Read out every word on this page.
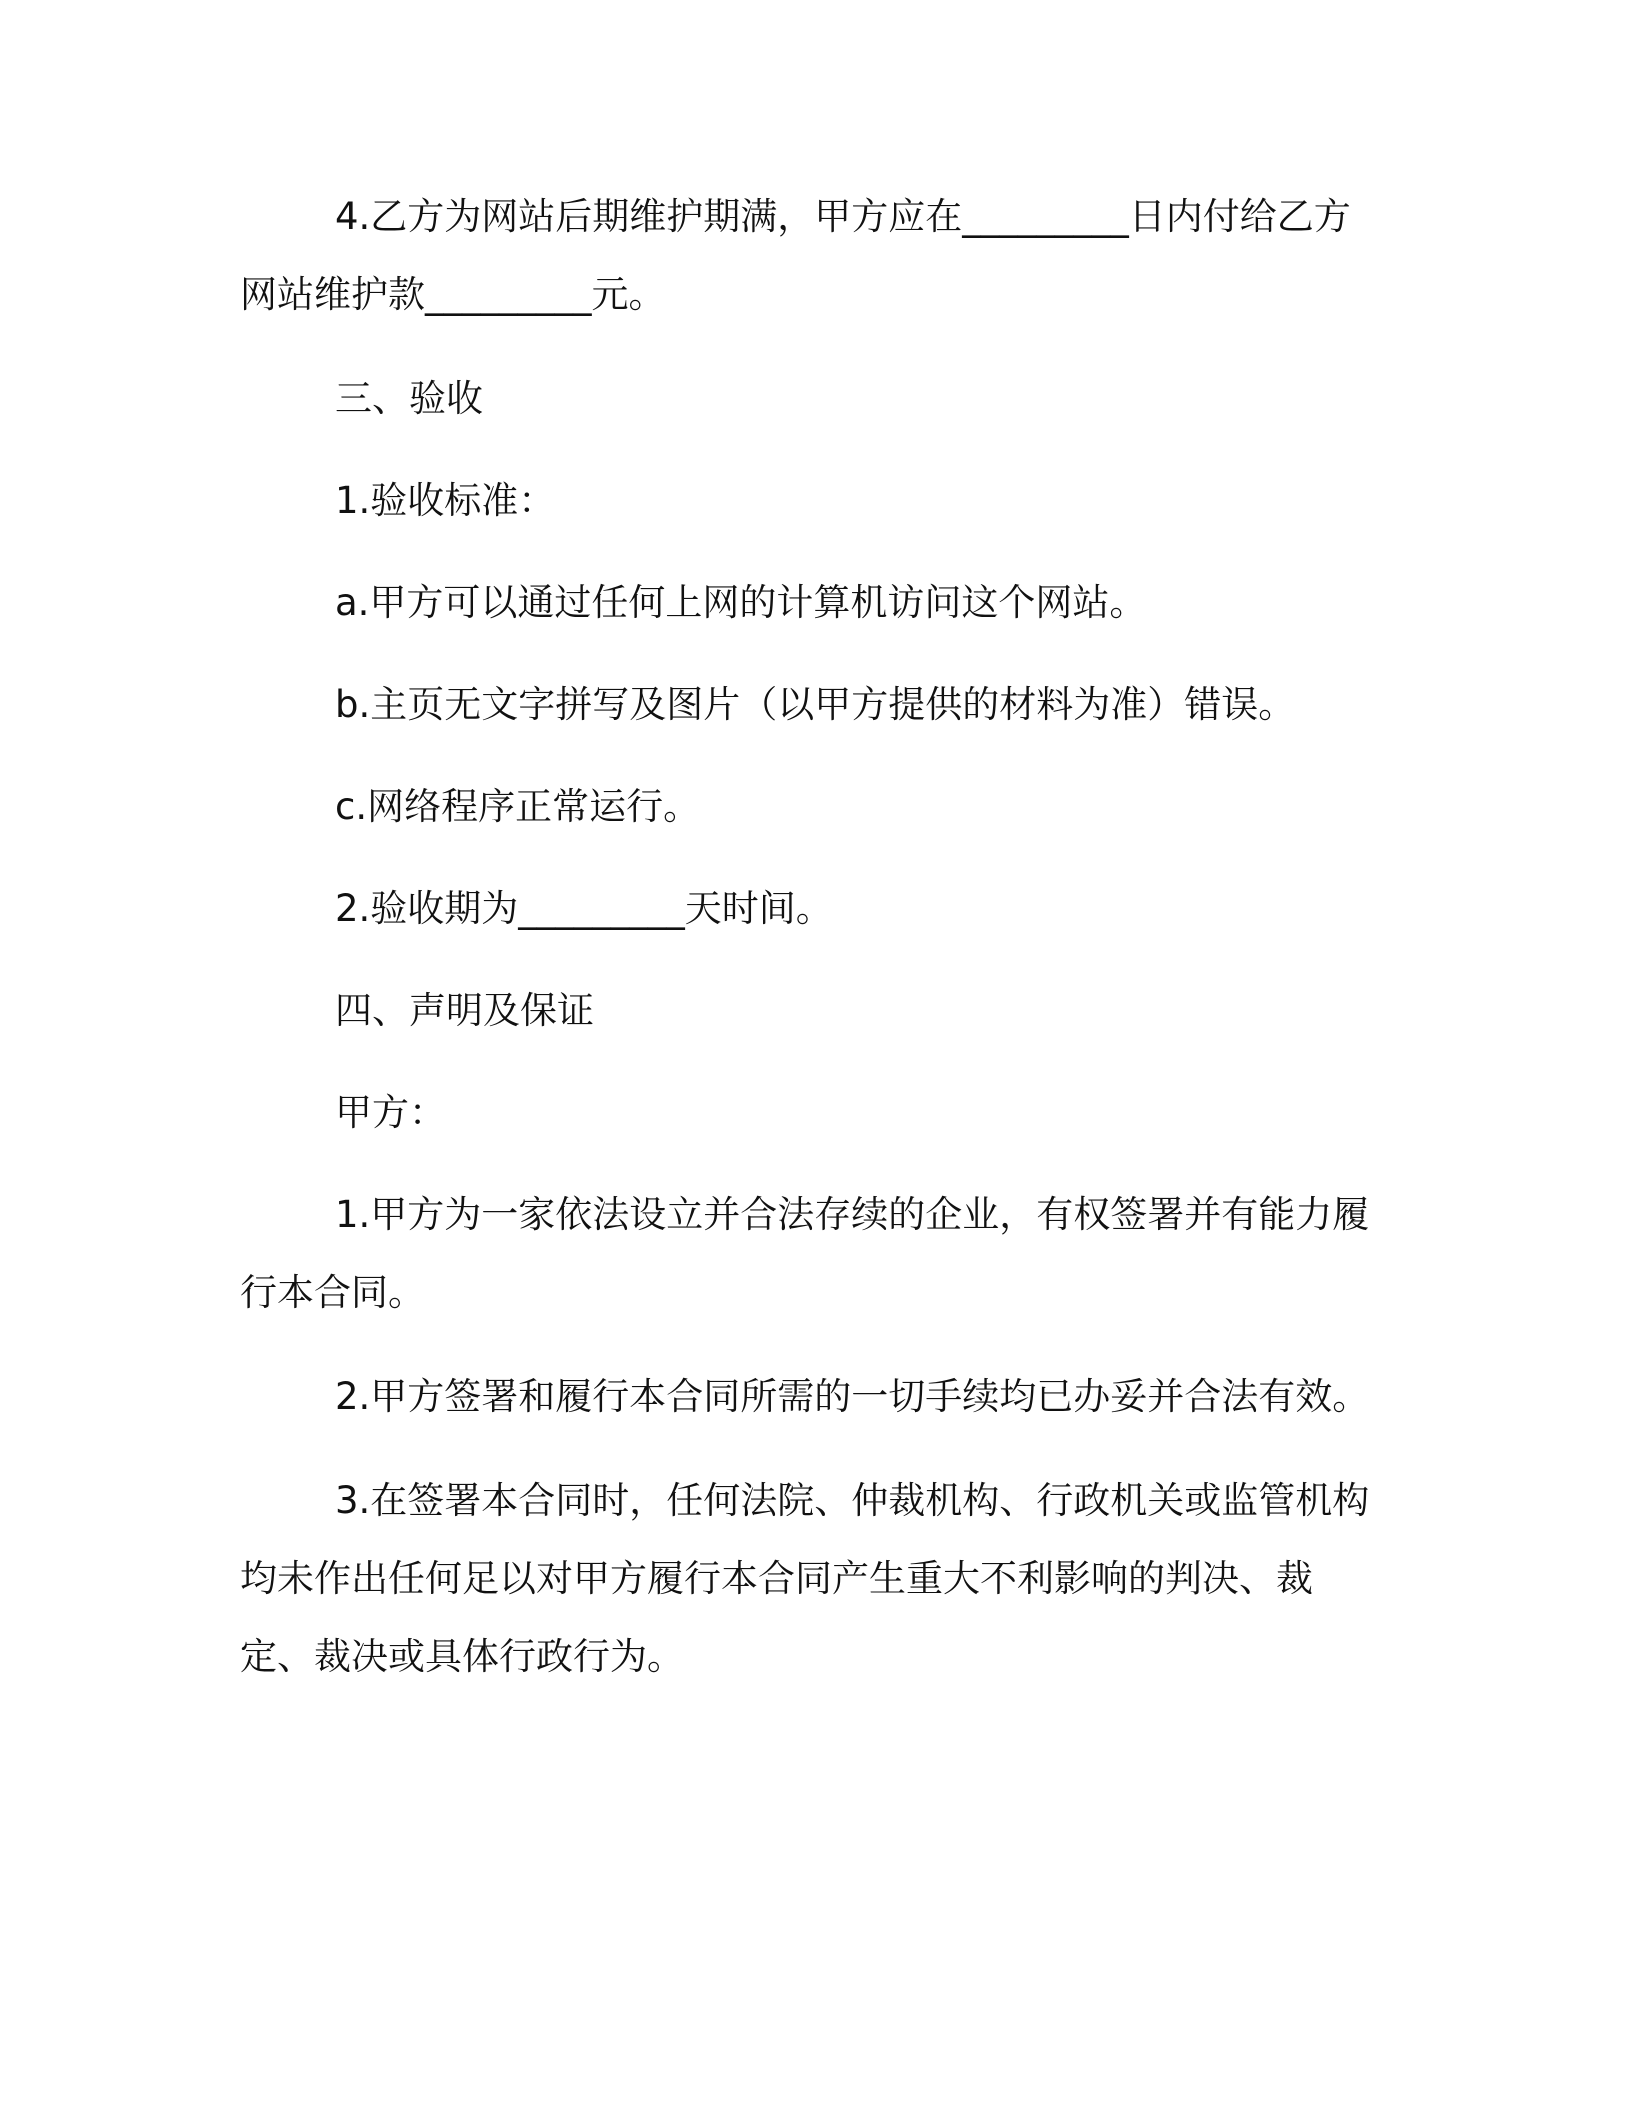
4.乙方为网站后期维护期满，甲方应在_________日内付给乙方网站维护款_________元。

三、验收

1.验收标准：

a.甲方可以通过任何上网的计算机访问这个网站。

b.主页无文字拼写及图片（以甲方提供的材料为准）错误。

c.网络程序正常运行。

2.验收期为_________天时间。

四、声明及保证

甲方：

1.甲方为一家依法设立并合法存续的企业，有权签署并有能力履行本合同。

2.甲方签署和履行本合同所需的一切手续均已办妥并合法有效。

3.在签署本合同时，任何法院、仲裁机构、行政机关或监管机构均未作出任何足以对甲方履行本合同产生重大不利影响的判决、裁定、裁决或具体行政行为。
